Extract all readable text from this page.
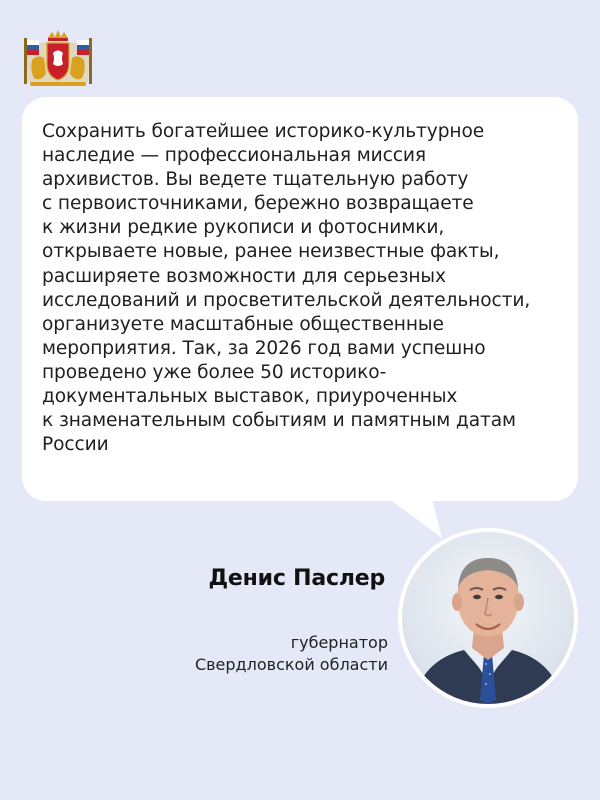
Сохранить богатейшее историко-культурное
наследие — профессиональная миссия
архивистов. Вы ведете тщательную работу
с первоисточниками, бережно возвращаете
к жизни редкие рукописи и фотоснимки,
открываете новые, ранее неизвестные факты,
расширяете возможности для серьезных
исследований и просветительской деятельности,
организуете масштабные общественные
мероприятия. Так, за 2026 год вами успешно
проведено уже более 50 историко-
документальных выставок, приуроченных
к знаменательным событиям и памятным датам
России

Денис Паслер

губернатор
Свердловской области
